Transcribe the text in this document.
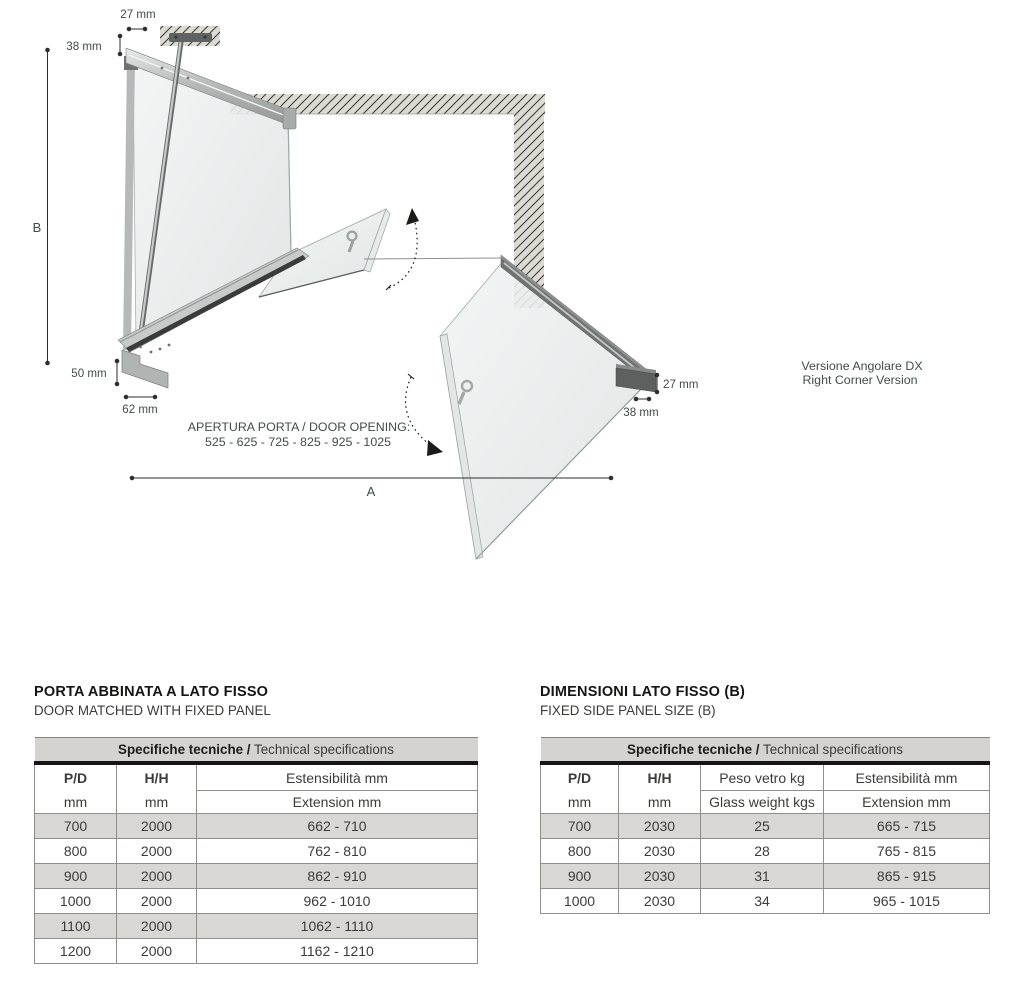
27 mm
38 mm
B
50 mm
62 mm
27 mm
38 mm
A
APERTURA PORTA / DOOR OPENING:
525 - 625 - 725 - 825 - 925 - 1025
Versione Angolare DX
Right Corner Version
PORTA ABBINATA A LATO FISSO
DOOR MATCHED WITH FIXED PANEL
Specifiche tecniche / Technical specifications		
P/D	H/H	Estensibilità mm
mm	mm	Extension mm
700	2000	662 - 710
800	2000	762 - 810
900	2000	862 - 910
1000	2000	962 - 1010
1100	2000	1062 - 1110
1200	2000	1162 - 1210
DIMENSIONI LATO FISSO (B)
FIXED SIDE PANEL SIZE (B)
Specifiche tecniche / Technical specifications			
P/D	H/H	Peso vetro kg	Estensibilità mm
mm	mm	Glass weight kgs	Extension mm
700	2030	25	665 - 715
800	2030	28	765 - 815
900	2030	31	865 - 915
1000	2030	34	965 - 1015
